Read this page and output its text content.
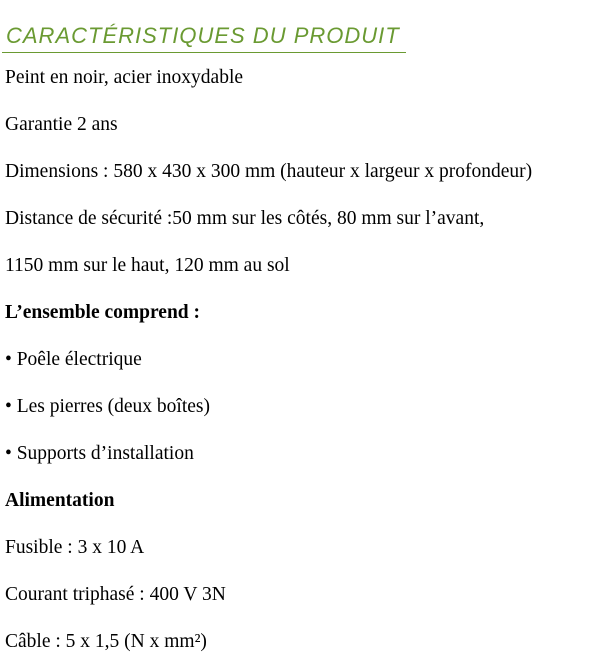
CARACTÉRISTIQUES DU PRODUIT
Peint en noir, acier inoxydable
Garantie 2 ans
Dimensions : 580 x 430 x 300 mm (hauteur x largeur x profondeur)
Distance de sécurité :50 mm sur les côtés, 80 mm sur l’avant,
1150 mm sur le haut, 120 mm au sol
L’ensemble comprend :
• Poêle électrique
• Les pierres (deux boîtes)
• Supports d’installation
Alimentation
Fusible : 3 x 10 A
Courant triphasé : 400 V 3N
Câble : 5 x 1,5 (N x mm²)
